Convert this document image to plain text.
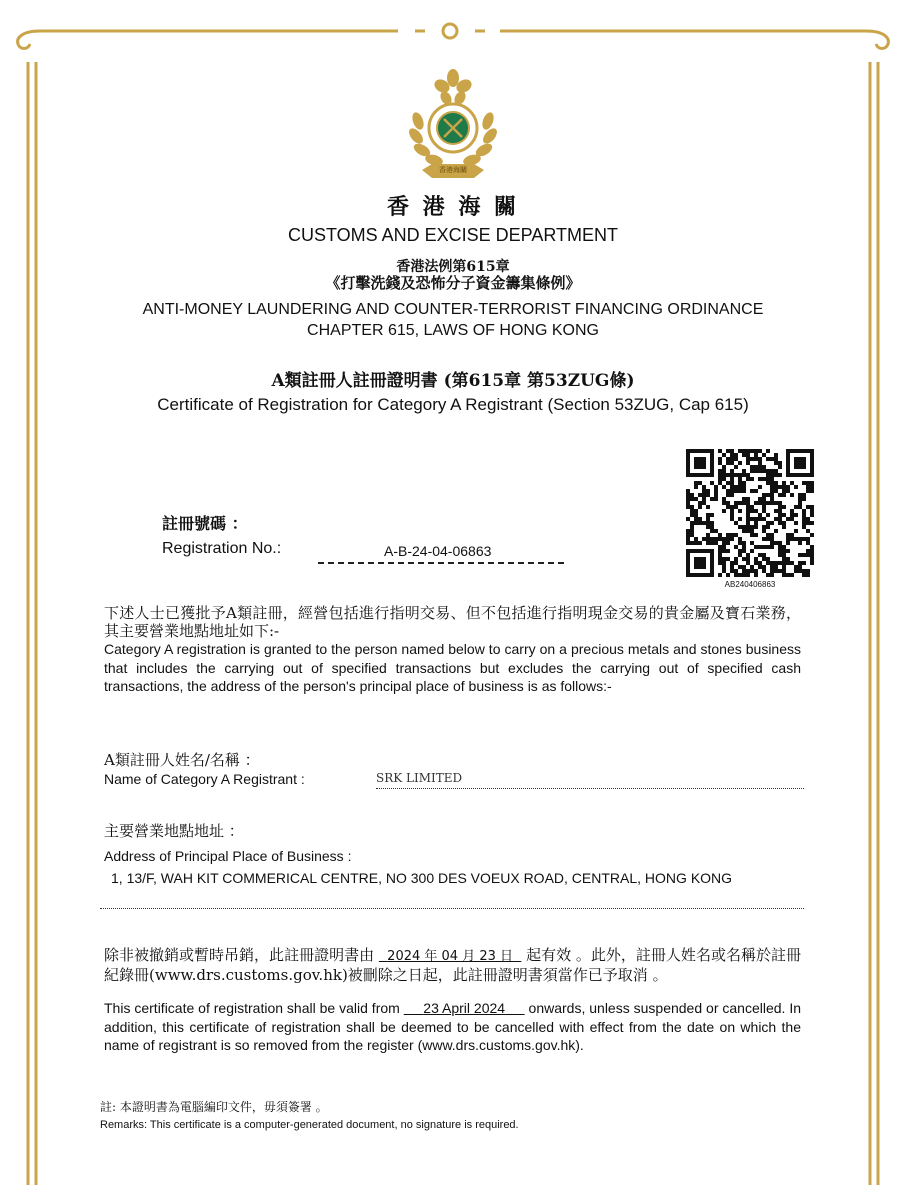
香港海關
香 港 海 關
CUSTOMS AND EXCISE DEPARTMENT
香港法例第615章
《打擊洗錢及恐怖分子資金籌集條例》
ANTI-MONEY LAUNDERING AND COUNTER-TERRORIST FINANCING ORDINANCE
CHAPTER 615, LAWS OF HONG KONG
A類註冊人註冊證明書 (第615章 第53ZUG條)
Certificate of Registration for Category A Registrant (Section 53ZUG, Cap 615)
AB240406863
註冊號碼 ：
Registration No.:	A-B-24-04-06863
下述人士已獲批予A類註冊，經營包括進行指明交易、但不包括進行指明現金交易的貴金屬及寶石業務，其主要營業地點地址如下:-
Category A registration is granted to the person named below to carry on a precious metals and stones business that includes the carrying out of specified transactions but excludes the carrying out of specified cash transactions, the address of the person's principal place of business is as follows:-
A類註冊人姓名/名稱 ：
Name of Category A Registrant :	SRK LIMITED
主要營業地點地址 ：
Address of Principal Place of Business :
1, 13/F, WAH KIT COMMERICAL CENTRE, NO 300 DES VOEUX ROAD, CENTRAL, HONG KONG
除非被撤銷或暫時吊銷，此註冊證明書由 2024 年 04 月 23 日 起有效 。此外，註冊人姓名或名稱於註冊紀錄冊(www.drs.customs.gov.hk)被刪除之日起，此註冊證明書須當作已予取消 。
This certificate of registration shall be valid from 23 April 2024 onwards, unless suspended or cancelled. In addition, this certificate of registration shall be deemed to be cancelled with effect from the date on which the name of registrant is so removed from the register (www.drs.customs.gov.hk).
註: 本證明書為電腦編印文件，毋須簽署 。
Remarks: This certificate is a computer-generated document, no signature is required.
